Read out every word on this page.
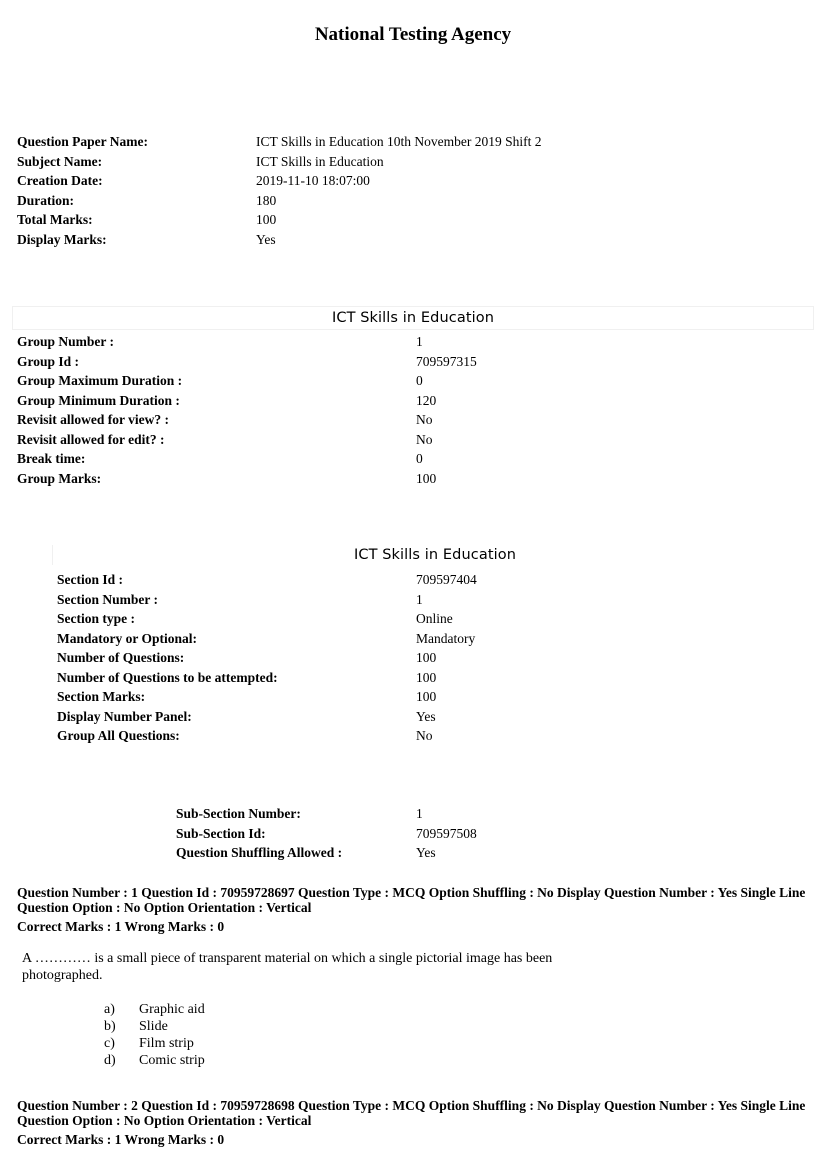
National Testing Agency
Question Paper Name:	ICT Skills in Education 10th November 2019 Shift 2
Subject Name:	ICT Skills in Education
Creation Date:	2019-11-10 18:07:00
Duration:	180
Total Marks:	100
Display Marks:	Yes
ICT Skills in Education
Group Number :	1
Group Id :	709597315
Group Maximum Duration :	0
Group Minimum Duration :	120
Revisit allowed for view? :	No
Revisit allowed for edit? :	No
Break time:	0
Group Marks:	100
ICT Skills in Education
Section Id :	709597404
Section Number :	1
Section type :	Online
Mandatory or Optional:	Mandatory
Number of Questions:	100
Number of Questions to be attempted:	100
Section Marks:	100
Display Number Panel:	Yes
Group All Questions:	No
Sub-Section Number:	1
Sub-Section Id:	709597508
Question Shuffling Allowed :	Yes
Question Number : 1 Question Id : 70959728697 Question Type : MCQ Option Shuffling : No Display Question Number : Yes Single Line Question Option : No Option Orientation : Vertical
Correct Marks : 1 Wrong Marks : 0
A ………… is a small piece of transparent material on which a single pictorial image has been photographed.
a) Graphic aid
b) Slide
c) Film strip
d) Comic strip
Question Number : 2 Question Id : 70959728698 Question Type : MCQ Option Shuffling : No Display Question Number : Yes Single Line Question Option : No Option Orientation : Vertical
Correct Marks : 1 Wrong Marks : 0
